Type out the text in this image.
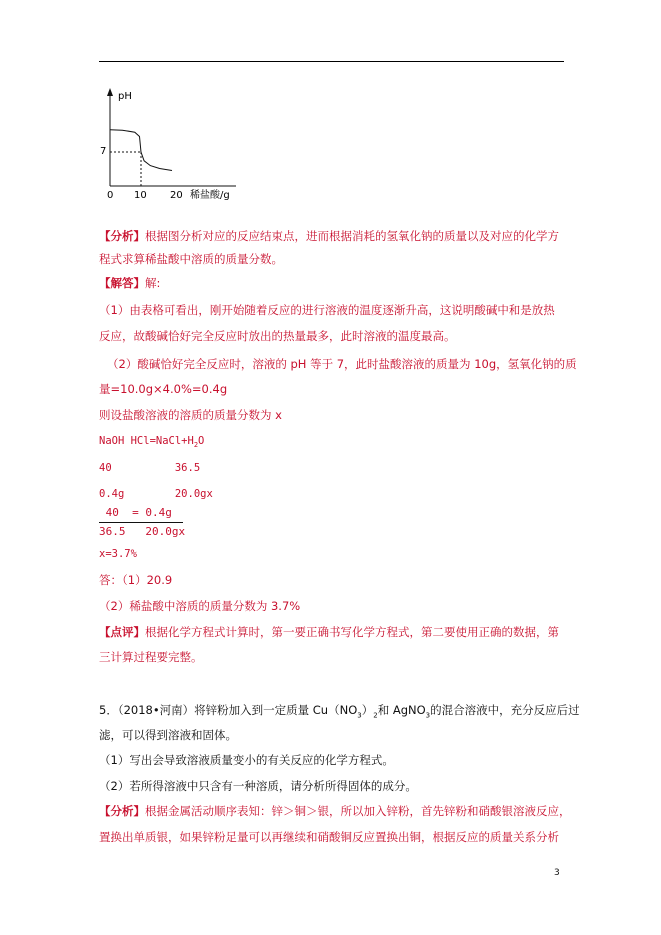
pH
7
0 10 20 稀盐酸/g
【分析】根据图分析对应的反应结束点，进而根据消耗的氢氧化钠的质量以及对应的化学方
程式求算稀盐酸中溶质的质量分数。
【解答】解:
（1）由表格可看出，刚开始随着反应的进行溶液的温度逐渐升高，这说明酸碱中和是放热
反应，故酸碱恰好完全反应时放出的热量最多，此时溶液的温度最高。
（2）酸碱恰好完全反应时，溶液的 pH 等于 7，此时盐酸溶液的质量为 10g，氢氧化钠的质
量=10.0g×4.0%=0.4g
则设盐酸溶液的溶质的质量分数为 x
NaOH $HCl=NaCl+H_2O$
40          36.5
0.4g        20.0gx
40  = 0.4g
36.5   20.0gx
x=3.7%
答：（1）20.9
（2）稀盐酸中溶质的质量分数为 3.7%
【点评】根据化学方程式计算时，第一要正确书写化学方程式，第二要使用正确的数据，第
三计算过程要完整。
5．（2018•河南）将锌粉加入到一定质量 $Cu(NO_3)_2$和 AgNO$_3$的混合溶液中，充分反应后过
滤，可以得到溶液和固体。
（1）写出会导致溶液质量变小的有关反应的化学方程式。
（2）若所得溶液中只含有一种溶质，请分析所得固体的成分。
【分析】根据金属活动顺序表知：锌＞铜＞银，所以加入锌粉，首先锌粉和硝酸银溶液反应，
置换出单质银，如果锌粉足量可以再继续和硝酸铜反应置换出铜，根据反应的质量关系分析
3
